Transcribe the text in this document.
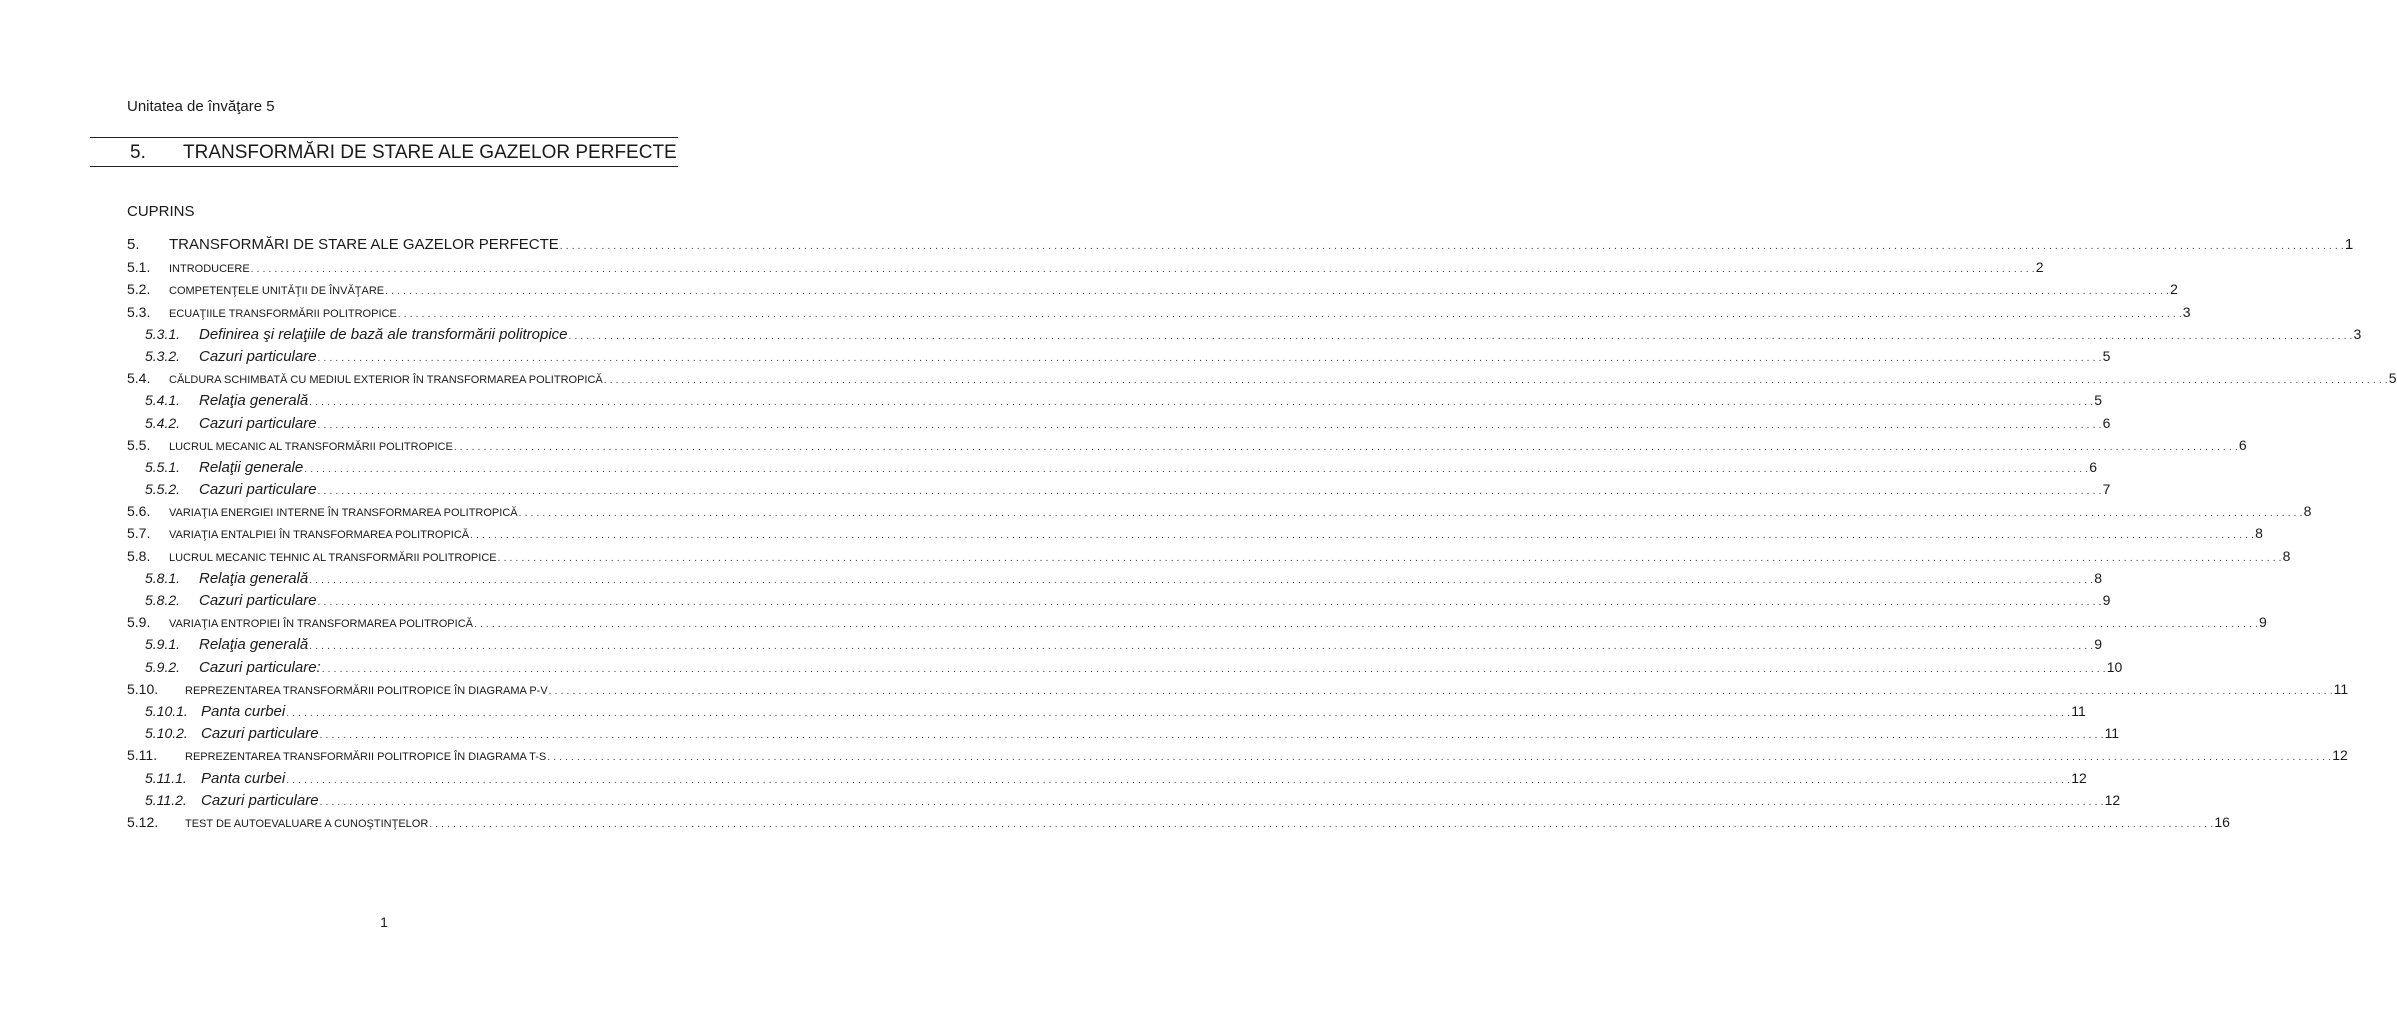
Unitatea de învăţare 5
5. TRANSFORMĂRI DE STARE ALE GAZELOR PERFECTE
CUPRINS
5. TRANSFORMĂRI DE STARE ALE GAZELOR PERFECTE . . . . . . . . . . . . . . . . . . . . . . . . . . . . . . . . . . . . . . . . . . . . . . . . . . . . . . . . . . . . . . . . . . . . . . . . . . . . . . . . . . . . . . . . . . . . . . . . . . . . . . . . . . . . . . . . . . . . . . . . . . . . . . . . . . . . . . . . . . . . . . . . . . . . . . . . . . . . . . . . . . . . . . . . . . . . . . . . . . . . . . . . . . . . . . . . . . . . . . . . . . . . . . . . . . . . . . . . . . . . . . . . . . . . . . . . . . . . . . . . . . . . . . . . . . . . . . . . . . . . . . . . . . . . . . . . . . . . . . . . . . . . . . . . . . . . . . . . . . . . 1
5.1. INTRODUCERE . . . . . . . . . . . . . . . . . . . . . . . . . . . . . . . . . . . . . . . . . . . . . . . . . . . . . . . . . . . . . . . . . . . . . . . . . . . . . . . . . . . . . . . . . . . . . . . . . . . . . . . . . . . . . . . . . . . . . . . . . . . . . . . . . . . . . . . . . . . . . . . . . . . . . . . . . . . . . . . . . . . . . . . . . . . . . . . . . . . . . . . . . . . . . . . . . . . . . . . . . . . . . . . . . . . . . . . . . . . . . . . . . . . . . . . . . . . . . . . . . . . . . . . . . . . . . . . . . . . . . . . . . . . . . . . . . . . . . . . . . . . . . . . . . . . . . . . . . . . . 2
5.2. COMPETENŢELE UNITĂŢII DE ÎNVĂŢARE . . . . . . . . . . . . . . . . . . . . . . . . . . . . . . . . . . . . . . . . . . . . . . . . . . . . . . . . . . . . . . . . . . . . . . . . . . . . . . . . . . . . . . . . . . . . . . . . . . . . . . . . . . . . . . . . . . . . . . . . . . . . . . . . . . . . . . . . . . . . . . . . . . . . . . . . . . . . . . . . . . . . . . . . . . . . . . . . . . . . . . . . . . . . . . . . . . . . . . . . . . . . . . . . . . . . . . . . . . . . . . . . . . . . . . . . . . . . . . . . . . . . . . . . . . . . . . . . . . . . . . . . . . . . . . . . . . . . . . . . . . . . . . . . . . . . . . . . . . . . 2
5.3. ECUAŢIILE TRANSFORMĂRII POLITROPICE . . . . . . . . . . . . . . . . . . . . . . . . . . . . . . . . . . . . . . . . . . . . . . . . . . . . . . . . . . . . . . . . . . . . . . . . . . . . . . . . . . . . . . . . . . . . . . . . . . . . . . . . . . . . . . . . . . . . . . . . . . . . . . . . . . . . . . . . . . . . . . . . . . . . . . . . . . . . . . . . . . . . . . . . . . . . . . . . . . . . . . . . . . . . . . . . . . . . . . . . . . . . . . . . . . . . . . . . . . . . . . . . . . . . . . . . . . . . . . . . . . . . . . . . . . . . . . . . . . . . . . . . . . . . . . . . . . . . . . . . . . . . . . . . . . . . . . . . . . . . 3
5.3.1. Definirea şi relaţiile de bază ale transformării politropice . . . . . . . . . . . . . . . . . . . . . . . . . . . . . . . . . . . . . . . . . . . . . . . . . . . . . . . . . . . . . . . . . . . . . . . . . . . . . . . . . . . . . . . . . . . . . . . . . . . . . . . . . . . . . . . . . . . . . . . . . . . . . . . . . . . . . . . . . . . . . . . . . . . . . . . . . . . . . . . . . . . . . . . . . . . . . . . . . . . . . . . . . . . . . . . . . . . . . . . . . . . . . . . . . . . . . . . . . . . . . . . . . . . . . . . . . . . . . . . . . . . . . . . . . . . . . . . . . . . . . . . . . . . . . . . . . . . . . . . . . . . . . . . . . . . . . . . . . . . . 3
5.3.2. Cazuri particulare . . . . . . . . . . . . . . . . . . . . . . . . . . . . . . . . . . . . . . . . . . . . . . . . . . . . . . . . . . . . . . . . . . . . . . . . . . . . . . . . . . . . . . . . . . . . . . . . . . . . . . . . . . . . . . . . . . . . . . . . . . . . . . . . . . . . . . . . . . . . . . . . . . . . . . . . . . . . . . . . . . . . . . . . . . . . . . . . . . . . . . . . . . . . . . . . . . . . . . . . . . . . . . . . . . . . . . . . . . . . . . . . . . . . . . . . . . . . . . . . . . . . . . . . . . . . . . . . . . . . . . . . . . . . . . . . . . . . . . . . . . . . . . . . . . . . . . . . . . . . 5
5.4. CĂLDURA SCHIMBATĂ CU MEDIUL EXTERIOR ÎN TRANSFORMAREA POLITROPICĂ . . . . . . . . . . . . . . . . . . . . . . . . . . . . . . . . . . . . . . . . . . . . . . . . . . . . . . . . . . . . . . . . . . . . . . . . . . . . . . . . . . . . . . . . . . . . . . . . . . . . . . . . . . . . . . . . . . . . . . . . . . . . . . . . . . . . . . . . . . . . . . . . . . . . . . . . . . . . . . . . . . . . . . . . . . . . . . . . . . . . . . . . . . . . . . . . . . . . . . . . . . . . . . . . . . . . . . . . . . . . . . . . . . . . . . . . . . . . . . . . . . . . . . . . . . . . . . . . . . . . . . . . . . . . . . . . . . . . . . . . . . . . . . . . . . . . . . . . . . . . 5
5.4.1. Relaţia generală . . . . . . . . . . . . . . . . . . . . . . . . . . . . . . . . . . . . . . . . . . . . . . . . . . . . . . . . . . . . . . . . . . . . . . . . . . . . . . . . . . . . . . . . . . . . . . . . . . . . . . . . . . . . . . . . . . . . . . . . . . . . . . . . . . . . . . . . . . . . . . . . . . . . . . . . . . . . . . . . . . . . . . . . . . . . . . . . . . . . . . . . . . . . . . . . . . . . . . . . . . . . . . . . . . . . . . . . . . . . . . . . . . . . . . . . . . . . . . . . . . . . . . . . . . . . . . . . . . . . . . . . . . . . . . . . . . . . . . . . . . . . . . . . . . . . . . . . . . . . 5
5.4.2. Cazuri particulare . . . . . . . . . . . . . . . . . . . . . . . . . . . . . . . . . . . . . . . . . . . . . . . . . . . . . . . . . . . . . . . . . . . . . . . . . . . . . . . . . . . . . . . . . . . . . . . . . . . . . . . . . . . . . . . . . . . . . . . . . . . . . . . . . . . . . . . . . . . . . . . . . . . . . . . . . . . . . . . . . . . . . . . . . . . . . . . . . . . . . . . . . . . . . . . . . . . . . . . . . . . . . . . . . . . . . . . . . . . . . . . . . . . . . . . . . . . . . . . . . . . . . . . . . . . . . . . . . . . . . . . . . . . . . . . . . . . . . . . . . . . . . . . . . . . . . . . . . . . . 6
5.5. LUCRUL MECANIC AL TRANSFORMĂRII POLITROPICE . . . . . . . . . . . . . . . . . . . . . . . . . . . . . . . . . . . . . . . . . . . . . . . . . . . . . . . . . . . . . . . . . . . . . . . . . . . . . . . . . . . . . . . . . . . . . . . . . . . . . . . . . . . . . . . . . . . . . . . . . . . . . . . . . . . . . . . . . . . . . . . . . . . . . . . . . . . . . . . . . . . . . . . . . . . . . . . . . . . . . . . . . . . . . . . . . . . . . . . . . . . . . . . . . . . . . . . . . . . . . . . . . . . . . . . . . . . . . . . . . . . . . . . . . . . . . . . . . . . . . . . . . . . . . . . . . . . . . . . . . . . . . . . . . . . . . . . . . . . . 6
5.5.1. Relaţii generale . . . . . . . . . . . . . . . . . . . . . . . . . . . . . . . . . . . . . . . . . . . . . . . . . . . . . . . . . . . . . . . . . . . . . . . . . . . . . . . . . . . . . . . . . . . . . . . . . . . . . . . . . . . . . . . . . . . . . . . . . . . . . . . . . . . . . . . . . . . . . . . . . . . . . . . . . . . . . . . . . . . . . . . . . . . . . . . . . . . . . . . . . . . . . . . . . . . . . . . . . . . . . . . . . . . . . . . . . . . . . . . . . . . . . . . . . . . . . . . . . . . . . . . . . . . . . . . . . . . . . . . . . . . . . . . . . . . . . . . . . . . . . . . . . . . . . . . . . . . . 6
5.5.2. Cazuri particulare . . . . . . . . . . . . . . . . . . . . . . . . . . . . . . . . . . . . . . . . . . . . . . . . . . . . . . . . . . . . . . . . . . . . . . . . . . . . . . . . . . . . . . . . . . . . . . . . . . . . . . . . . . . . . . . . . . . . . . . . . . . . . . . . . . . . . . . . . . . . . . . . . . . . . . . . . . . . . . . . . . . . . . . . . . . . . . . . . . . . . . . . . . . . . . . . . . . . . . . . . . . . . . . . . . . . . . . . . . . . . . . . . . . . . . . . . . . . . . . . . . . . . . . . . . . . . . . . . . . . . . . . . . . . . . . . . . . . . . . . . . . . . . . . . . . . . . . . . . . . 7
5.6. VARIAŢIA ENERGIEI INTERNE ÎN TRANSFORMAREA POLITROPICĂ . . . . . . . . . . . . . . . . . . . . . . . . . . . . . . . . . . . . . . . . . . . . . . . . . . . . . . . . . . . . . . . . . . . . . . . . . . . . . . . . . . . . . . . . . . . . . . . . . . . . . . . . . . . . . . . . . . . . . . . . . . . . . . . . . . . . . . . . . . . . . . . . . . . . . . . . . . . . . . . . . . . . . . . . . . . . . . . . . . . . . . . . . . . . . . . . . . . . . . . . . . . . . . . . . . . . . . . . . . . . . . . . . . . . . . . . . . . . . . . . . . . . . . . . . . . . . . . . . . . . . . . . . . . . . . . . . . . . . . . . . . . . . . . . . . . . . . . . . . . . 8
5.7. VARIAŢIA ENTALPIEI ÎN TRANSFORMAREA POLITROPICĂ . . . . . . . . . . . . . . . . . . . . . . . . . . . . . . . . . . . . . . . . . . . . . . . . . . . . . . . . . . . . . . . . . . . . . . . . . . . . . . . . . . . . . . . . . . . . . . . . . . . . . . . . . . . . . . . . . . . . . . . . . . . . . . . . . . . . . . . . . . . . . . . . . . . . . . . . . . . . . . . . . . . . . . . . . . . . . . . . . . . . . . . . . . . . . . . . . . . . . . . . . . . . . . . . . . . . . . . . . . . . . . . . . . . . . . . . . . . . . . . . . . . . . . . . . . . . . . . . . . . . . . . . . . . . . . . . . . . . . . . . . . . . . . . . . . . . . . . . . . . . 8
5.8. LUCRUL MECANIC TEHNIC AL TRANSFORMĂRII POLITROPICE . . . . . . . . . . . . . . . . . . . . . . . . . . . . . . . . . . . . . . . . . . . . . . . . . . . . . . . . . . . . . . . . . . . . . . . . . . . . . . . . . . . . . . . . . . . . . . . . . . . . . . . . . . . . . . . . . . . . . . . . . . . . . . . . . . . . . . . . . . . . . . . . . . . . . . . . . . . . . . . . . . . . . . . . . . . . . . . . . . . . . . . . . . . . . . . . . . . . . . . . . . . . . . . . . . . . . . . . . . . . . . . . . . . . . . . . . . . . . . . . . . . . . . . . . . . . . . . . . . . . . . . . . . . . . . . . . . . . . . . . . . . . . . . . . . . . . . . . . . . . 8
5.8.1. Relaţia generală . . . . . . . . . . . . . . . . . . . . . . . . . . . . . . . . . . . . . . . . . . . . . . . . . . . . . . . . . . . . . . . . . . . . . . . . . . . . . . . . . . . . . . . . . . . . . . . . . . . . . . . . . . . . . . . . . . . . . . . . . . . . . . . . . . . . . . . . . . . . . . . . . . . . . . . . . . . . . . . . . . . . . . . . . . . . . . . . . . . . . . . . . . . . . . . . . . . . . . . . . . . . . . . . . . . . . . . . . . . . . . . . . . . . . . . . . . . . . . . . . . . . . . . . . . . . . . . . . . . . . . . . . . . . . . . . . . . . . . . . . . . . . . . . . . . . . . . . . . . . 8
5.8.2. Cazuri particulare . . . . . . . . . . . . . . . . . . . . . . . . . . . . . . . . . . . . . . . . . . . . . . . . . . . . . . . . . . . . . . . . . . . . . . . . . . . . . . . . . . . . . . . . . . . . . . . . . . . . . . . . . . . . . . . . . . . . . . . . . . . . . . . . . . . . . . . . . . . . . . . . . . . . . . . . . . . . . . . . . . . . . . . . . . . . . . . . . . . . . . . . . . . . . . . . . . . . . . . . . . . . . . . . . . . . . . . . . . . . . . . . . . . . . . . . . . . . . . . . . . . . . . . . . . . . . . . . . . . . . . . . . . . . . . . . . . . . . . . . . . . . . . . . . . . . . . . . . . . . 9
5.9. VARIAŢIA ENTROPIEI ÎN TRANSFORMAREA POLITROPICĂ . . . . . . . . . . . . . . . . . . . . . . . . . . . . . . . . . . . . . . . . . . . . . . . . . . . . . . . . . . . . . . . . . . . . . . . . . . . . . . . . . . . . . . . . . . . . . . . . . . . . . . . . . . . . . . . . . . . . . . . . . . . . . . . . . . . . . . . . . . . . . . . . . . . . . . . . . . . . . . . . . . . . . . . . . . . . . . . . . . . . . . . . . . . . . . . . . . . . . . . . . . . . . . . . . . . . . . . . . . . . . . . . . . . . . . . . . . . . . . . . . . . . . . . . . . . . . . . . . . . . . . . . . . . . . . . . . . . . . . . . . . . . . . . . . . . . . . . . . . . . 9
5.9.1. Relaţia generală . . . . . . . . . . . . . . . . . . . . . . . . . . . . . . . . . . . . . . . . . . . . . . . . . . . . . . . . . . . . . . . . . . . . . . . . . . . . . . . . . . . . . . . . . . . . . . . . . . . . . . . . . . . . . . . . . . . . . . . . . . . . . . . . . . . . . . . . . . . . . . . . . . . . . . . . . . . . . . . . . . . . . . . . . . . . . . . . . . . . . . . . . . . . . . . . . . . . . . . . . . . . . . . . . . . . . . . . . . . . . . . . . . . . . . . . . . . . . . . . . . . . . . . . . . . . . . . . . . . . . . . . . . . . . . . . . . . . . . . . . . . . . . . . . . . . . . . . . . . . 9
5.9.2. Cazuri particulare: . . . . . . . . . . . . . . . . . . . . . . . . . . . . . . . . . . . . . . . . . . . . . . . . . . . . . . . . . . . . . . . . . . . . . . . . . . . . . . . . . . . . . . . . . . . . . . . . . . . . . . . . . . . . . . . . . . . . . . . . . . . . . . . . . . . . . . . . . . . . . . . . . . . . . . . . . . . . . . . . . . . . . . . . . . . . . . . . . . . . . . . . . . . . . . . . . . . . . . . . . . . . . . . . . . . . . . . . . . . . . . . . . . . . . . . . . . . . . . . . . . . . . . . . . . . . . . . . . . . . . . . . . . . . . . . . . . . . . . . . . . . . . . . . . . . . . . . . . . . . 10
5.10. REPREZENTAREA TRANSFORMĂRII POLITROPICE ÎN DIAGRAMA P-V . . . . . . . . . . . . . . . . . . . . . . . . . . . . . . . . . . . . . . . . . . . . . . . . . . . . . . . . . . . . . . . . . . . . . . . . . . . . . . . . . . . . . . . . . . . . . . . . . . . . . . . . . . . . . . . . . . . . . . . . . . . . . . . . . . . . . . . . . . . . . . . . . . . . . . . . . . . . . . . . . . . . . . . . . . . . . . . . . . . . . . . . . . . . . . . . . . . . . . . . . . . . . . . . . . . . . . . . . . . . . . . . . . . . . . . . . . . . . . . . . . . . . . . . . . . . . . . . . . . . . . . . . . . . . . . . . . . . . . . . . . . . . . . . . . . . . . . . . . . . 11
5.10.1. Panta curbei . . . . . . . . . . . . . . . . . . . . . . . . . . . . . . . . . . . . . . . . . . . . . . . . . . . . . . . . . . . . . . . . . . . . . . . . . . . . . . . . . . . . . . . . . . . . . . . . . . . . . . . . . . . . . . . . . . . . . . . . . . . . . . . . . . . . . . . . . . . . . . . . . . . . . . . . . . . . . . . . . . . . . . . . . . . . . . . . . . . . . . . . . . . . . . . . . . . . . . . . . . . . . . . . . . . . . . . . . . . . . . . . . . . . . . . . . . . . . . . . . . . . . . . . . . . . . . . . . . . . . . . . . . . . . . . . . . . . . . . . . . . . . . . . . . . . . . . . . . . . 11
5.10.2. Cazuri particulare . . . . . . . . . . . . . . . . . . . . . . . . . . . . . . . . . . . . . . . . . . . . . . . . . . . . . . . . . . . . . . . . . . . . . . . . . . . . . . . . . . . . . . . . . . . . . . . . . . . . . . . . . . . . . . . . . . . . . . . . . . . . . . . . . . . . . . . . . . . . . . . . . . . . . . . . . . . . . . . . . . . . . . . . . . . . . . . . . . . . . . . . . . . . . . . . . . . . . . . . . . . . . . . . . . . . . . . . . . . . . . . . . . . . . . . . . . . . . . . . . . . . . . . . . . . . . . . . . . . . . . . . . . . . . . . . . . . . . . . . . . . . . . . . . . . . . . . . . . . . 11
5.11.	REPREZENTAREA TRANSFORMĂRII POLITROPICE ÎN DIAGRAMA T-S . . . . . . . . . . . . . . . . . . . . . . . . . . . . . . . . . . . . . . . . . . . . . . . . . . . . . . . . . . . . . . . . . . . . . . . . . . . . . . . . . . . . . . . . . . . . . . . . . . . . . . . . . . . . . . . . . . . . . . . . . . . . . . . . . . . . . . . . . . . . . . . . . . . . . . . . . . . . . . . . . . . . . . . . . . . . . . . . . . . . . . . . . . . . . . . . . . . . . . . . . . . . . . . . . . . . . . . . . . . . . . . . . . . . . . . . . . . . . . . . . . . . . . . . . . . . . . . . . . . . . . . . . . . . . . . . . . . . . . . . . . . . . . . . . . . . . . . . . . . . 12
5.11.1. Panta curbei . . . . . . . . . . . . . . . . . . . . . . . . . . . . . . . . . . . . . . . . . . . . . . . . . . . . . . . . . . . . . . . . . . . . . . . . . . . . . . . . . . . . . . . . . . . . . . . . . . . . . . . . . . . . . . . . . . . . . . . . . . . . . . . . . . . . . . . . . . . . . . . . . . . . . . . . . . . . . . . . . . . . . . . . . . . . . . . . . . . . . . . . . . . . . . . . . . . . . . . . . . . . . . . . . . . . . . . . . . . . . . . . . . . . . . . . . . . . . . . . . . . . . . . . . . . . . . . . . . . . . . . . . . . . . . . . . . . . . . . . . . . . . . . . . . . . . . . . . . . . 12
5.11.2. Cazuri particulare . . . . . . . . . . . . . . . . . . . . . . . . . . . . . . . . . . . . . . . . . . . . . . . . . . . . . . . . . . . . . . . . . . . . . . . . . . . . . . . . . . . . . . . . . . . . . . . . . . . . . . . . . . . . . . . . . . . . . . . . . . . . . . . . . . . . . . . . . . . . . . . . . . . . . . . . . . . . . . . . . . . . . . . . . . . . . . . . . . . . . . . . . . . . . . . . . . . . . . . . . . . . . . . . . . . . . . . . . . . . . . . . . . . . . . . . . . . . . . . . . . . . . . . . . . . . . . . . . . . . . . . . . . . . . . . . . . . . . . . . . . . . . . . . . . . . . . . . . . . . 12
5.12. TEST DE AUTOEVALUARE A CUNOŞTINŢELOR . . . . . . . . . . . . . . . . . . . . . . . . . . . . . . . . . . . . . . . . . . . . . . . . . . . . . . . . . . . . . . . . . . . . . . . . . . . . . . . . . . . . . . . . . . . . . . . . . . . . . . . . . . . . . . . . . . . . . . . . . . . . . . . . . . . . . . . . . . . . . . . . . . . . . . . . . . . . . . . . . . . . . . . . . . . . . . . . . . . . . . . . . . . . . . . . . . . . . . . . . . . . . . . . . . . . . . . . . . . . . . . . . . . . . . . . . . . . . . . . . . . . . . . . . . . . . . . . . . . . . . . . . . . . . . . . . . . . . . . . . . . . . . . . . . . . . . . . . . . . 16
1
